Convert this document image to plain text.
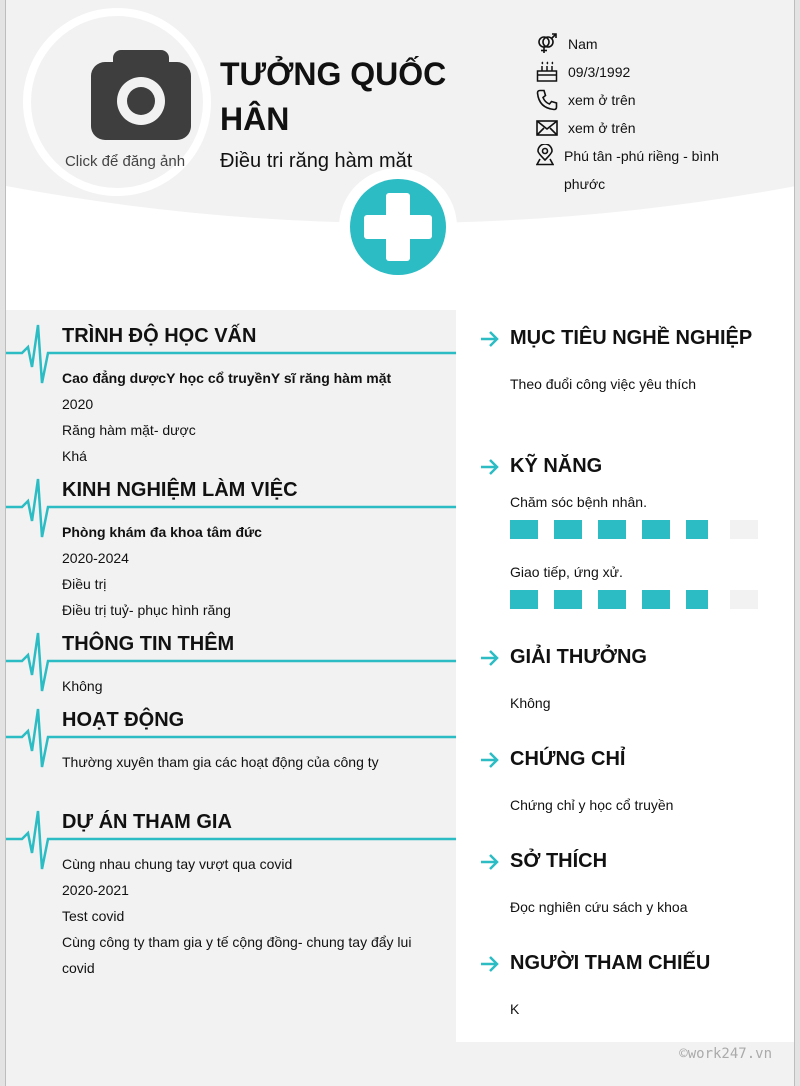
Click để đăng ảnh
TƯỞNG QUỐC HÂN
Điều tri răng hàm mặt
Nam
09/3/1992
xem ở trên
xem ở trên
Phú tân -phú riềng - bình phước
TRÌNH ĐỘ HỌC VẤN
Cao đẳng dượcY học cổ truyềnY sĩ răng hàm mặt
2020
Răng hàm mặt- dược
Khá
KINH NGHIỆM LÀM VIỆC
Phòng khám đa khoa tâm đức
2020-2024
Điều trị
Điều trị tuỷ- phục hình răng
THÔNG TIN THÊM
Không
HOẠT ĐỘNG
Thường xuyên tham gia các hoạt động của công ty
DỰ ÁN THAM GIA
Cùng nhau chung tay vượt qua covid
2020-2021
Test covid
Cùng công ty tham gia y tế cộng đồng- chung tay đẩy lui covid
MỤC TIÊU NGHỀ NGHIỆP
Theo đuổi công việc yêu thích
KỸ NĂNG
Chăm sóc bệnh nhân.
Giao tiếp, ứng xử.
GIẢI THƯỞNG
Không
CHỨNG CHỈ
Chứng chỉ y học cổ truyền
SỞ THÍCH
Đọc nghiên cứu sách y khoa
NGƯỜI THAM CHIẾU
K
©work247.vn
